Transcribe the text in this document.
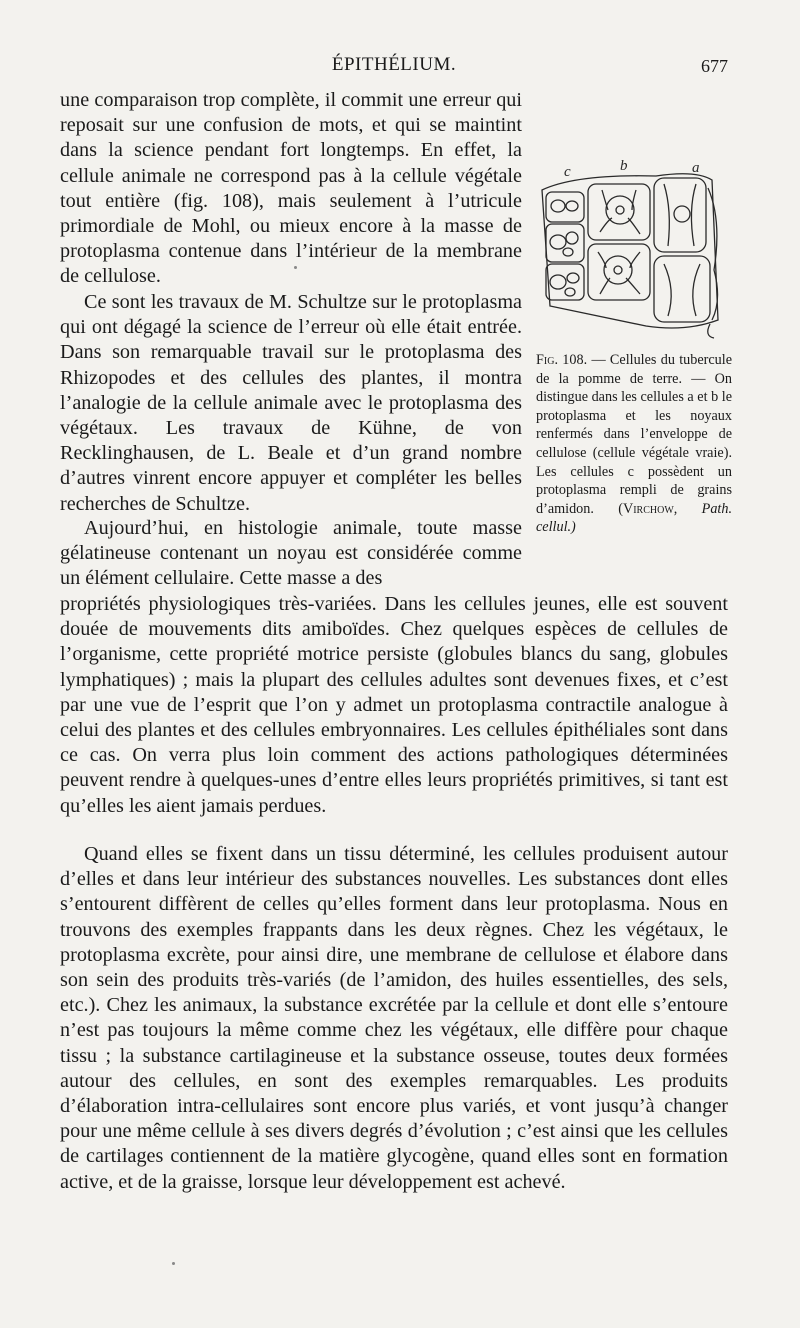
ÉPITHÉLIUM.	677

une comparaison trop complète, il commit une erreur qui reposait sur une confusion de mots, et qui se maintint dans la science pendant fort longtemps. En effet, la cellule animale ne correspond pas à la cellule végétale tout entière (fig. 108), mais seulement à l’utricule primordiale de Mohl, ou mieux encore à la masse de protoplasma contenue dans l’intérieur de la membrane de cellulose.

Ce sont les travaux de M. Schultze sur le protoplasma qui ont dégagé la science de l’erreur où elle était entrée. Dans son remarquable travail sur le protoplasma des Rhizopodes et des cellules des plantes, il montra l’analogie de la cellule animale avec le protoplasma des végétaux. Les travaux de Kühne, de von Recklinghausen, de L. Beale et d’un grand nombre d’autres vinrent encore appuyer et compléter les belles recherches de Schultze.

Aujourd’hui, en histologie animale, toute masse gélatineuse contenant un noyau est considérée comme un élément cellulaire. Cette masse a des

propriétés physiologiques très-variées. Dans les cellules jeunes, elle est souvent douée de mouvements dits amiboïdes. Chez quelques espèces de cellules de l’organisme, cette propriété motrice persiste (globules blancs du sang, globules lymphatiques) ; mais la plupart des cellules adultes sont devenues fixes, et c’est par une vue de l’esprit que l’on y admet un protoplasma contractile analogue à celui des plantes et des cellules embryonnaires. Les cellules épithéliales sont dans ce cas. On verra plus loin comment des actions pathologiques déterminées peuvent rendre à quelques-unes d’entre elles leurs propriétés primitives, si tant est qu’elles les aient jamais perdues.

Quand elles se fixent dans un tissu déterminé, les cellules produisent autour d’elles et dans leur intérieur des substances nouvelles. Les substances dont elles s’entourent diffèrent de celles qu’elles forment dans leur protoplasma. Nous en trouvons des exemples frappants dans les deux règnes. Chez les végétaux, le protoplasma excrète, pour ainsi dire, une membrane de cellulose et élabore dans son sein des produits très-variés (de l’amidon, des huiles essentielles, des sels, etc.). Chez les animaux, la substance excrétée par la cellule et dont elle s’entoure n’est pas toujours la même comme chez les végétaux, elle diffère pour chaque tissu ; la substance cartilagineuse et la substance osseuse, toutes deux formées autour des cellules, en sont des exemples remarquables. Les produits d’élaboration intra-cellulaires sont encore plus variés, et vont jusqu’à changer pour une même cellule à ses divers degrés d’évolution ; c’est ainsi que les cellules de cartilages contiennent de la matière glycogène, quand elles sont en formation active, et de la graisse, lorsque leur développement est achevé.

c	b	a

Fig. 108. — Cellules du tubercule de la pomme de terre. — On distingue dans les cellules a et b le protoplasma et les noyaux renfermés dans l’enveloppe de cellulose (cellule végétale vraie). Les cellules c possèdent un protoplasma rempli de grains d’amidon. (Virchow, Path. cellul.)
